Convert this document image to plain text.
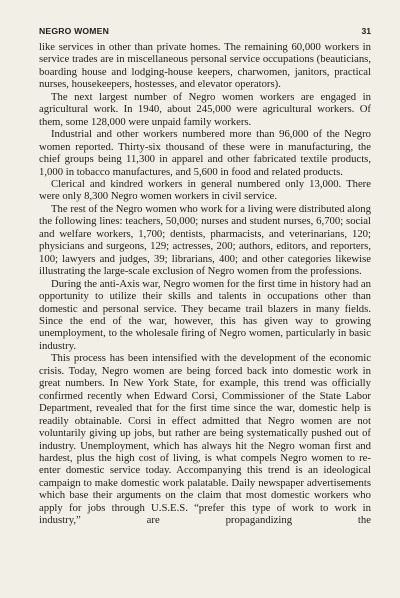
NEGRO WOMEN	31

like services in other than private homes. The remaining 60,000 workers in service trades are in miscellaneous personal service occupations (beauticians, boarding house and lodging-house keepers, charwomen, janitors, practical nurses, housekeepers, hostesses, and elevator operators).

The next largest number of Negro women workers are engaged in agricultural work. In 1940, about 245,000 were agricultural workers. Of them, some 128,000 were unpaid family workers.

Industrial and other workers numbered more than 96,000 of the Negro women reported. Thirty-six thousand of these were in manufacturing, the chief groups being 11,300 in apparel and other fabricated textile products, 1,000 in tobacco manufactures, and 5,600 in food and related products.

Clerical and kindred workers in general numbered only 13,000. There were only 8,300 Negro women workers in civil service.

The rest of the Negro women who work for a living were distributed along the following lines: teachers, 50,000; nurses and student nurses, 6,700; social and welfare workers, 1,700; dentists, pharmacists, and veterinarians, 120; physicians and surgeons, 129; actresses, 200; authors, editors, and reporters, 100; lawyers and judges, 39; librarians, 400; and other categories likewise illustrating the large-scale exclusion of Negro women from the professions.

During the anti-Axis war, Negro women for the first time in history had an opportunity to utilize their skills and talents in occupations other than domestic and personal service. They became trail blazers in many fields. Since the end of the war, however, this has given way to growing unemployment, to the wholesale firing of Negro women, particularly in basic industry.

This process has been intensified with the development of the economic crisis. Today, Negro women are being forced back into domestic work in great numbers. In New York State, for example, this trend was officially confirmed recently when Edward Corsi, Commissioner of the State Labor Department, revealed that for the first time since the war, domestic help is readily obtainable. Corsi in effect admitted that Negro women are not voluntarily giving up jobs, but rather are being systematically pushed out of industry. Unemployment, which has always hit the Negro woman first and hardest, plus the high cost of living, is what compels Negro women to re-enter domestic service today. Accompanying this trend is an ideological campaign to make domestic work palatable. Daily newspaper advertisements which base their arguments on the claim that most domestic workers who apply for jobs through U.S.E.S. “prefer this type of work to work in industry,” are propagandizing the
